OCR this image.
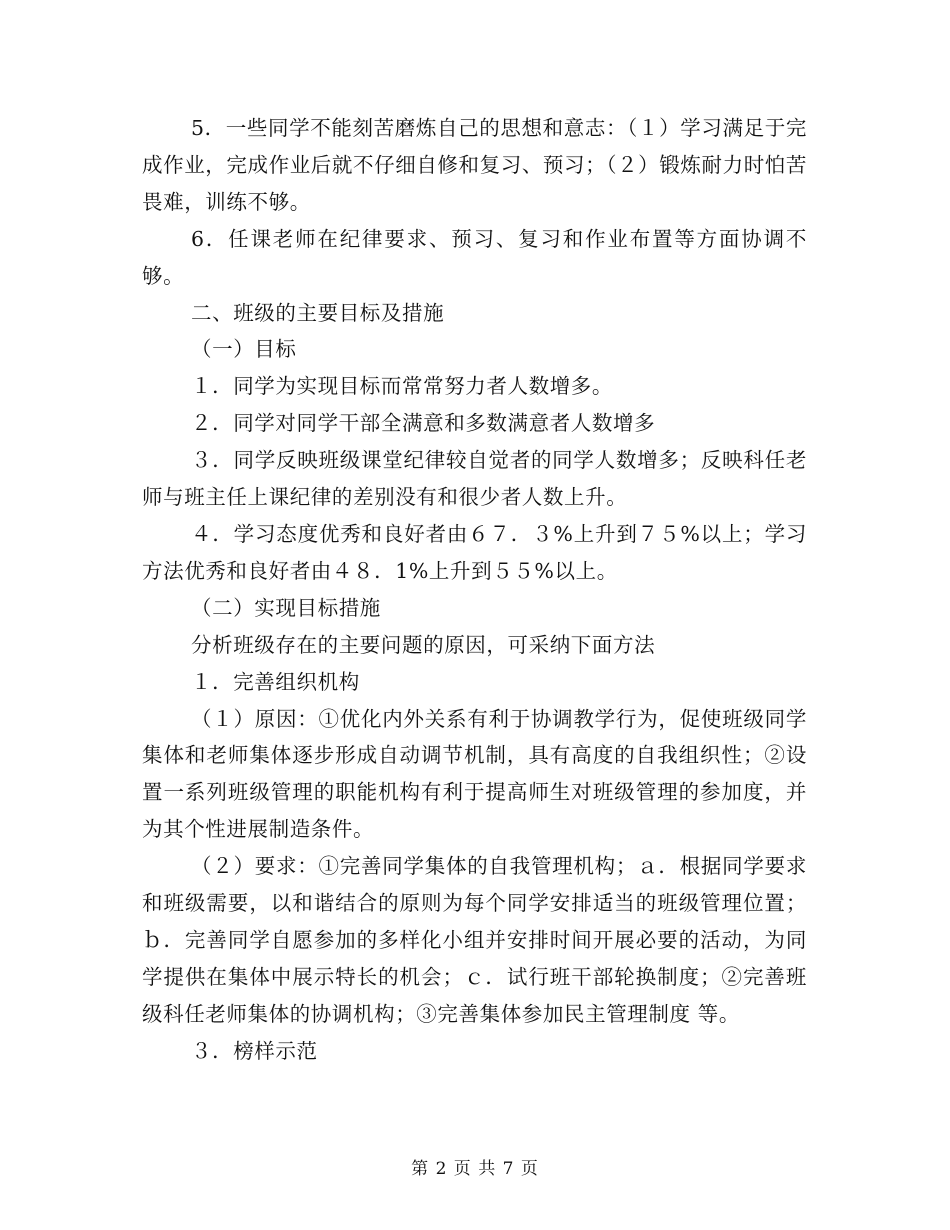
5．一些同学不能刻苦磨炼自己的思想和意志：（１）学习满足于完成作业，完成作业后就不仔细自修和复习、预习；（２）锻炼耐力时怕苦畏难，训练不够。

6．任课老师在纪律要求、预习、复习和作业布置等方面协调不够。

二、班级的主要目标及措施

（一）目标

１．同学为实现目标而常常努力者人数增多。

２．同学对同学干部全满意和多数满意者人数增多

３．同学反映班级课堂纪律较自觉者的同学人数增多；反映科任老师与班主任上课纪律的差别没有和很少者人数上升。

４．学习态度优秀和良好者由６７．３%上升到７５%以上；学习方法优秀和良好者由４８．1%上升到５５%以上。

（二）实现目标措施

分析班级存在的主要问题的原因，可采纳下面方法

１．完善组织机构

（１）原因：①优化内外关系有利于协调教学行为，促使班级同学集体和老师集体逐步形成自动调节机制，具有高度的自我组织性；②设置一系列班级管理的职能机构有利于提高师生对班级管理的参加度，并为其个性进展制造条件。

（２）要求：①完善同学集体的自我管理机构；ａ．根据同学要求和班级需要，以和谐结合的原则为每个同学安排适当的班级管理位置；ｂ．完善同学自愿参加的多样化小组并安排时间开展必要的活动，为同学提供在集体中展示特长的机会；ｃ．试行班干部轮换制度；②完善班级科任老师集体的协调机构；③完善集体参加民主管理制度 等。

３．榜样示范

第 2 页 共 7 页
